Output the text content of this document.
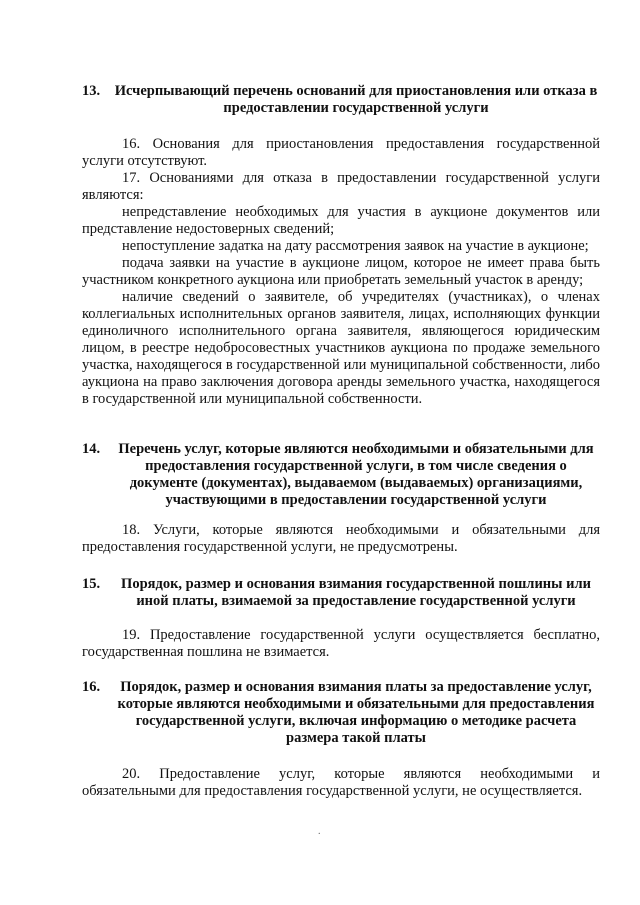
13.	Исчерпывающий перечень оснований для приостановления или отказа в предоставлении государственной услуги
16. Основания для приостановления предоставления государственной услуги отсутствуют.
17. Основаниями для отказа в предоставлении государственной услуги являются:
непредставление необходимых для участия в аукционе документов или представление недостоверных сведений;
непоступление задатка на дату рассмотрения заявок на участие в аукционе;
подача заявки на участие в аукционе лицом, которое не имеет права быть участником конкретного аукциона или приобретать земельный участок в аренду;
наличие сведений о заявителе, об учредителях (участниках), о членах коллегиальных исполнительных органов заявителя, лицах, исполняющих функции единоличного исполнительного органа заявителя, являющегося юридическим лицом, в реестре недобросовестных участников аукциона по продаже земельного участка, находящегося в государственной или муниципальной собственности, либо аукциона на право заключения договора аренды земельного участка, находящегося в государственной или муниципальной собственности.
14.	Перечень услуг, которые являются необходимыми и обязательными для предоставления государственной услуги, в том числе сведения о документе (документах), выдаваемом (выдаваемых) организациями, участвующими в предоставлении государственной услуги
18. Услуги, которые являются необходимыми и обязательными для предоставления государственной услуги, не предусмотрены.
15.	Порядок, размер и основания взимания государственной пошлины или иной платы, взимаемой за предоставление государственной услуги
19. Предоставление государственной услуги осуществляется бесплатно, государственная пошлина не взимается.
16.	Порядок, размер и основания взимания платы за предоставление услуг, которые являются необходимыми и обязательными для предоставления государственной услуги, включая информацию о методике расчета размера такой платы
20. Предоставление услуг, которые являются необходимыми и обязательными для предоставления государственной услуги, не осуществляется.
.
